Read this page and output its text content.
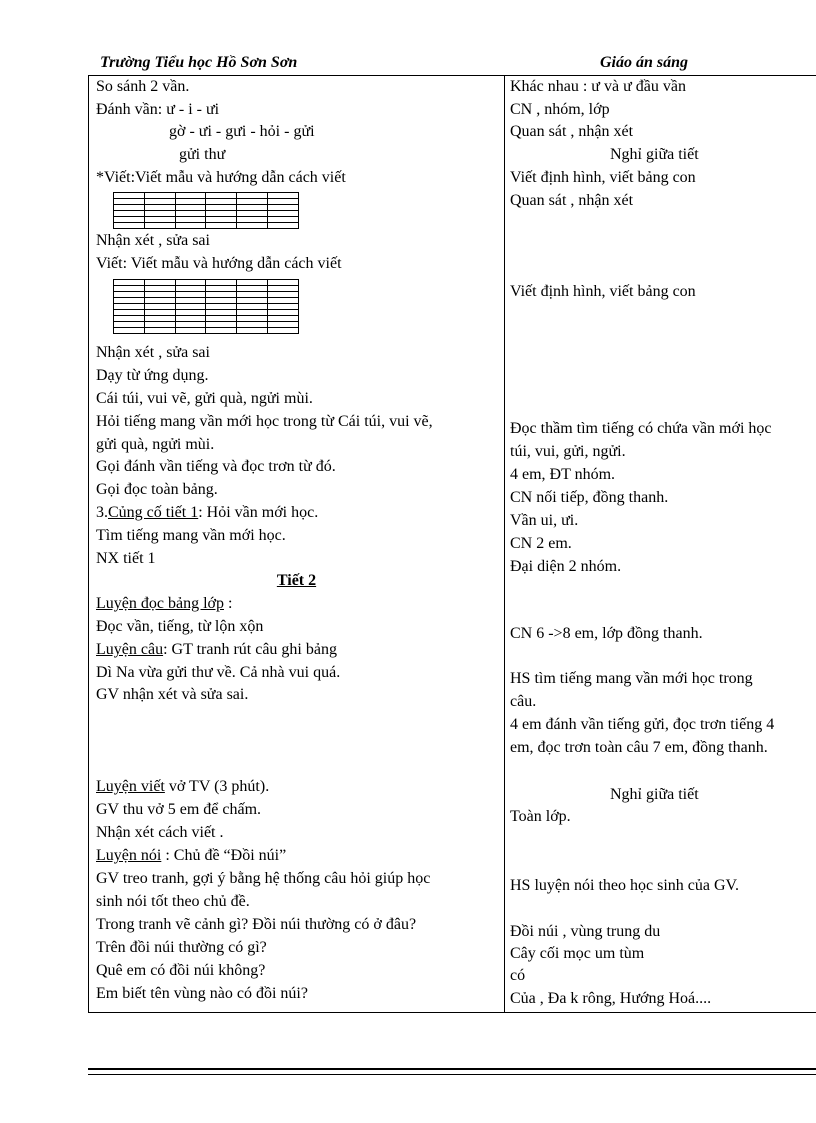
Trường Tiểu học Hồ Sơn Sơn	Giáo án sáng
So sánh 2 vần.
Đánh vần: ư - i - ưi
gờ - ưi - gưi - hỏi - gửi
gửi thư
*Viết:Viết mẫu và hướng dẫn cách viết
Nhận xét , sửa sai
Viết: Viết mẫu và hướng dẫn cách viết
Nhận xét , sửa sai
Dạy từ ứng dụng.
Cái túi, vui vẽ, gửi quà, ngửi mùi.
Hỏi tiếng mang vần mới học trong từ Cái túi, vui vẽ,
gửi quà, ngửi mùi.
Gọi đánh vần tiếng và đọc trơn từ đó.
Gọi đọc toàn bảng.
3.Củng cố tiết 1: Hỏi vần mới học.
Tìm tiếng mang vần mới học.
NX tiết 1
Tiết 2
Luyện đọc bảng lớp :
Đọc vần, tiếng, từ lộn xộn
Luyện câu: GT tranh rút câu ghi bảng
Dì Na vừa gửi thư về. Cả nhà vui quá.
GV nhận xét và sửa sai.
Luyện viết vở TV (3 phút).
GV thu vở 5 em để chấm.
Nhận xét cách viết .
Luyện nói : Chủ đề “Đồi núi”
GV treo tranh, gợi ý bằng hệ thống câu hỏi giúp học
sinh nói tốt theo chủ đề.
Trong tranh vẽ cảnh gì? Đồi núi thường có ở đâu?
Trên đồi núi thường có gì?
Quê em có đồi núi không?
Em biết tên vùng nào có đồi núi?
Khác nhau : ư và ư đầu vần
CN , nhóm, lớp
Quan sát , nhận xét
Nghỉ giữa tiết
Viết định hình, viết bảng con
Quan sát , nhận xét
Viết định hình, viết bảng con
Đọc thầm tìm tiếng có chứa vần mới học
túi, vui, gửi, ngửi.
4 em, ĐT nhóm.
CN nối tiếp, đồng thanh.
Vần ui, ưi.
CN 2 em.
Đại diện 2 nhóm.
CN 6 ->8 em, lớp đồng thanh.
HS tìm tiếng mang vần mới học trong
câu.
4 em đánh vần tiếng gửi, đọc trơn tiếng 4
em, đọc trơn toàn câu 7 em, đồng thanh.
Nghỉ giữa tiết
Toàn lớp.
HS luyện nói theo học sinh của GV.
Đồi núi , vùng trung du
Cây cối mọc um tùm
có
Của , Đa k rông, Hướng Hoá....
